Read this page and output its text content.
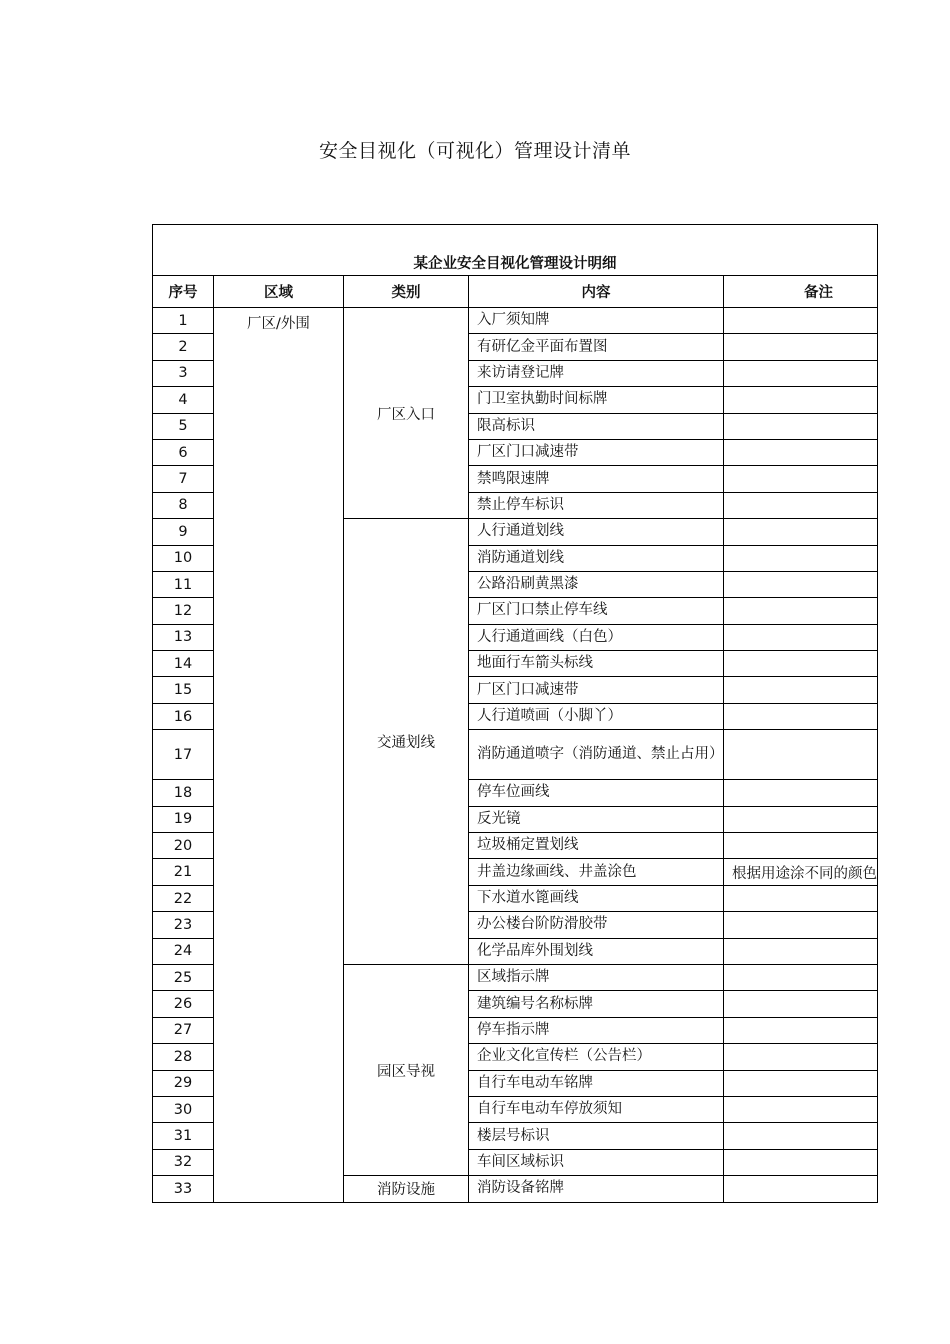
安全目视化（可视化）管理设计清单
某企业安全目视化管理设计明细				
序号	区域	类别	内容	备注
1	厂区/外围	厂区入口	入厂须知牌	
2			有研亿金平面布置图	
3			来访请登记牌	
4			门卫室执勤时间标牌	
5			限高标识	
6			厂区门口减速带	
7			禁鸣限速牌	
8			禁止停车标识	
9		交通划线	人行通道划线	
10			消防通道划线	
11			公路沿刷黄黑漆	
12			厂区门口禁止停车线	
13			人行通道画线（白色）	
14			地面行车箭头标线	
15			厂区门口减速带	
16			人行道喷画（小脚丫）	
17			消防通道喷字（消防通道、禁止占用）	
18			停车位画线	
19			反光镜	
20			垃圾桶定置划线	
21			井盖边缘画线、井盖涂色	根据用途涂不同的颜色
22			下水道水篦画线	
23			办公楼台阶防滑胶带	
24			化学品库外围划线	
25		园区导视	区域指示牌	
26			建筑编号名称标牌	
27			停车指示牌	
28			企业文化宣传栏（公告栏）	
29			自行车电动车铭牌	
30			自行车电动车停放须知	
31			楼层号标识	
32			车间区域标识	
33		消防设施	消防设备铭牌	
